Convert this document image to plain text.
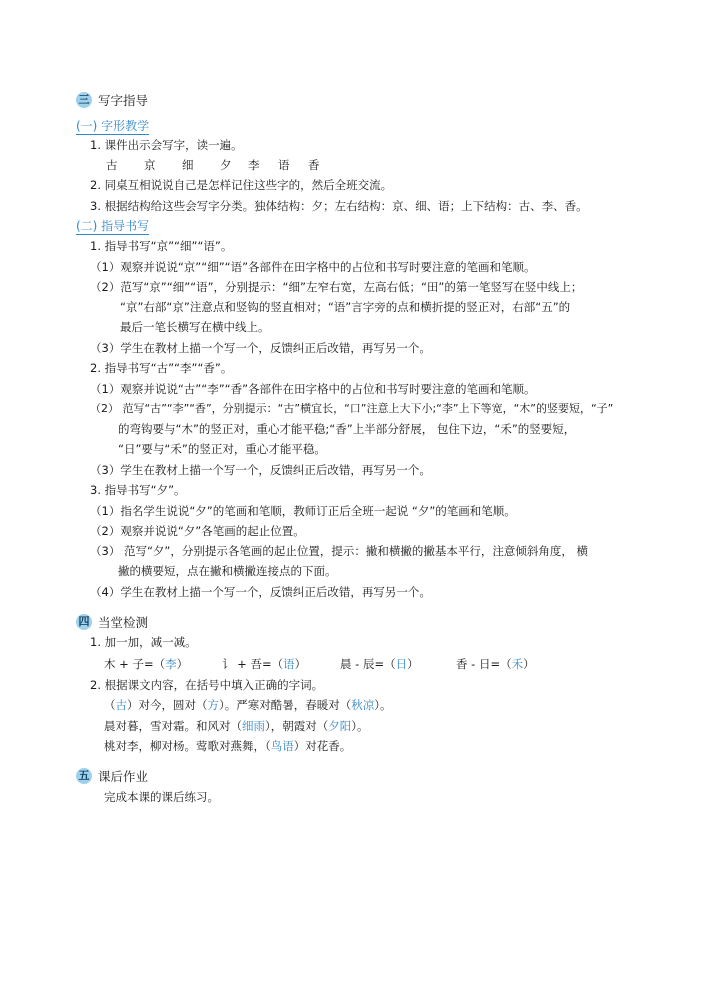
三 写字指导
(一) 字形教学
1. 课件出示会写字，读一遍。
古 京 细 夕 李 语 香
2. 同桌互相说说自己是怎样记住这些字的，然后全班交流。
3. 根据结构给这些会写字分类。独体结构：夕；左右结构：京、细、语；上下结构：古、李、香。
(二) 指导书写
1. 指导书写“京”“细”“语”。
（1）观察并说说“京”“细”“语”各部件在田字格中的占位和书写时要注意的笔画和笔顺。
（2）范写“京”“细”“语”，分别提示：“细”左窄右宽，左高右低；“田”的第一笔竖写在竖中线上；
“京”右部“京”注意点和竖钩的竖直相对；“语”言字旁的点和横折提的竖正对，右部“五”的
最后一笔长横写在横中线上。
（3）学生在教材上描一个写一个，反馈纠正后改错，再写另一个。
2. 指导书写“古”“李”“香”。
（1）观察并说说“古”“李”“香”各部件在田字格中的占位和书写时要注意的笔画和笔顺。
（2） 范写“古”“李”“香”，分别提示：“古”横宜长，“口”注意上大下小;“李”上下等宽，“木”的竖要短，“子”
的弯钩要与“木”的竖正对，重心才能平稳;“香”上半部分舒展， 包住下边，“禾”的竖要短，
“日”要与“禾”的竖正对，重心才能平稳。
（3）学生在教材上描一个写一个，反馈纠正后改错，再写另一个。
3. 指导书写“夕”。
（1）指名学生说说“夕”的笔画和笔顺，教师订正后全班一起说 “夕”的笔画和笔顺。
（2）观察并说说“夕”各笔画的起止位置。
（3） 范写“夕”，分别提示各笔画的起止位置，提示：撇和横撇的撇基本平行，注意倾斜角度， 横
撇的横要短，点在撇和横撇连接点的下面。
（4）学生在教材上描一个写一个，反馈纠正后改错，再写另一个。
四 当堂检测
1. 加一加，减一减。
木 + 子=（李）	讠 + 吾=（语）	晨 - 辰=（日）	香 - 日=（禾）
2. 根据课文内容，在括号中填入正确的字词。
（古）对今，圆对（方）。严寒对酷暑，春暖对（秋凉）。
晨对暮，雪对霜。和风对（细雨），朝霞对（夕阳）。
桃对李，柳对杨。莺歌对燕舞，（鸟语）对花香。
五 课后作业
完成本课的课后练习。
